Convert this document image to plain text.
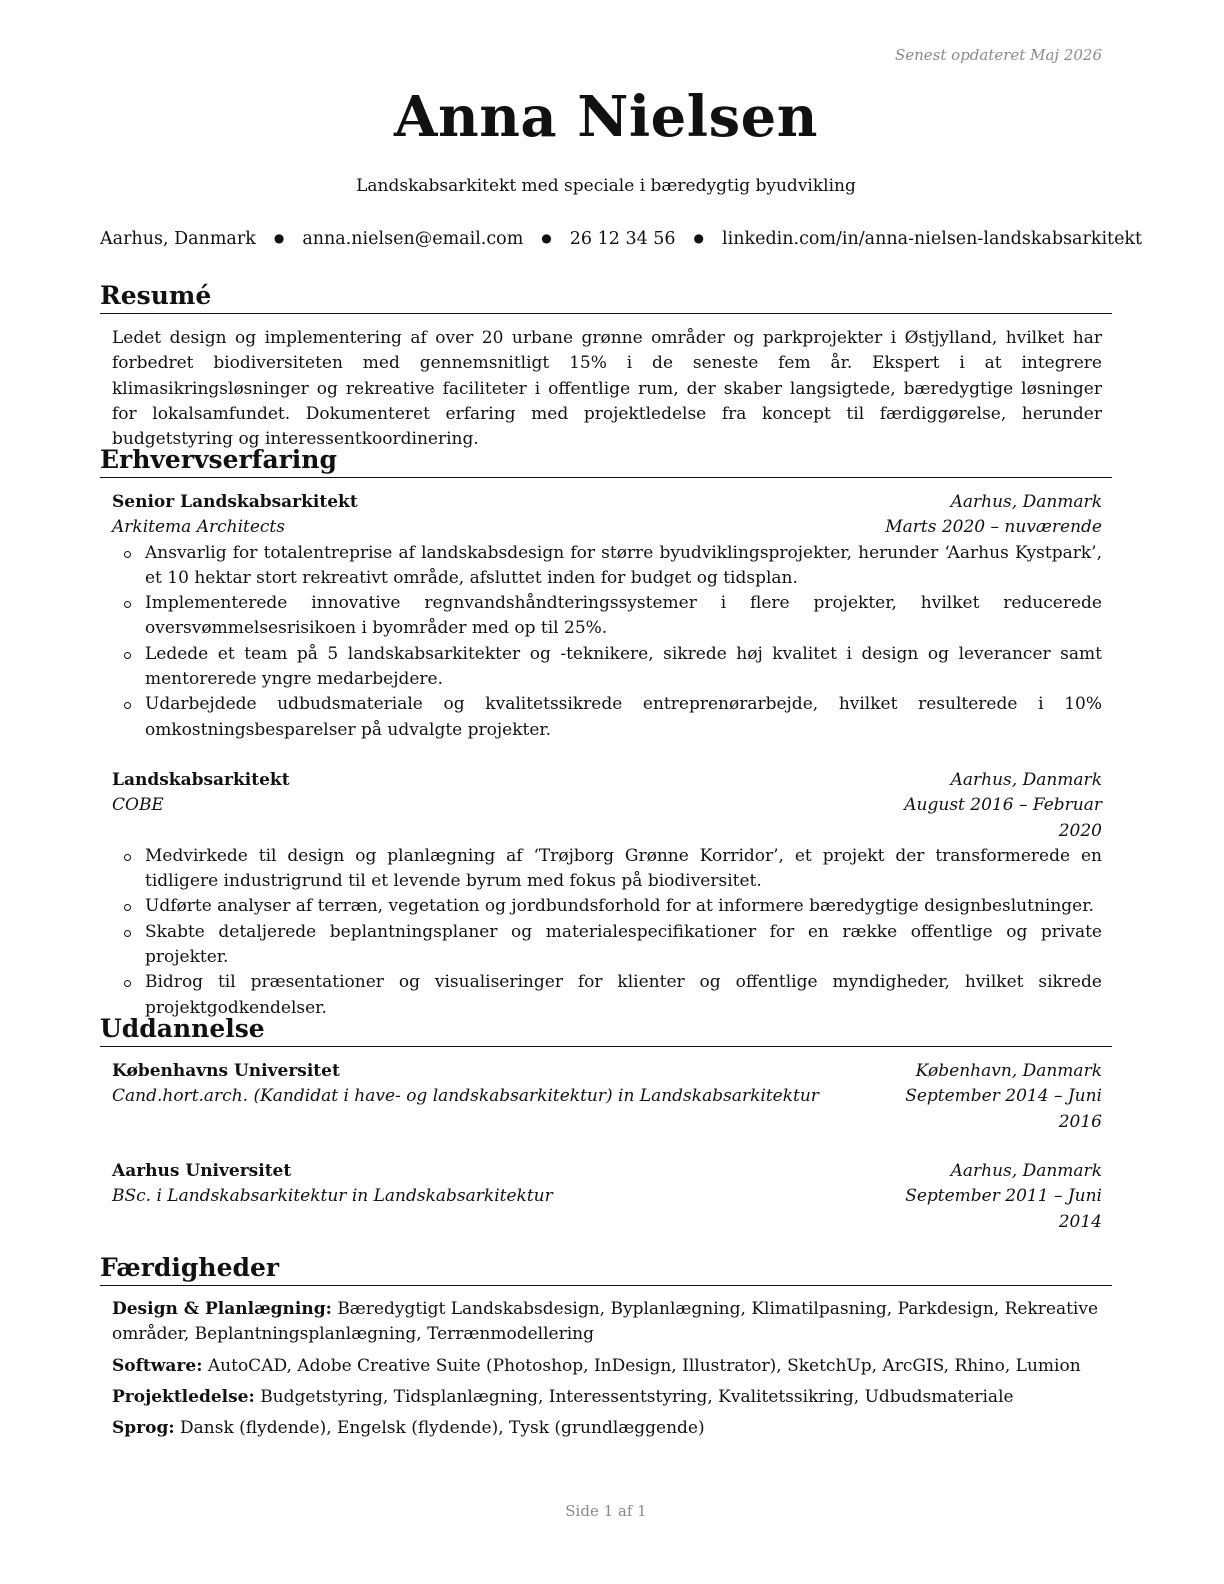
Senest opdateret Maj 2026
Anna Nielsen
Landskabsarkitekt med speciale i bæredygtig byudvikling
Aarhus, Danmark ● anna.nielsen@email.com ● 26 12 34 56 ● linkedin.com/in/anna-nielsen-landskabsarkitekt
Resumé
Ledet design og implementering af over 20 urbane grønne områder og parkprojekter i Østjylland, hvilket har forbedret biodiversiteten med gennemsnitligt 15% i de seneste fem år. Ekspert i at integrere klimasikringsløsninger og rekreative faciliteter i offentlige rum, der skaber langsigtede, bæredygtige løsninger for lokalsamfundet. Dokumenteret erfaring med projektledelse fra koncept til færdiggørelse, herunder budgetstyring og interessentkoordinering.
Erhvervserfaring
Senior Landskabsarkitekt	Aarhus, Danmark
Arkitema Architects	Marts 2020 – nuværende
Ansvarlig for totalentreprise af landskabsdesign for større byudviklingsprojekter, herunder ‘Aarhus Kystpark’, et 10 hektar stort rekreativt område, afsluttet inden for budget og tidsplan.
Implementerede innovative regnvandshåndteringssystemer i flere projekter, hvilket reducerede oversvømmelsesrisikoen i byområder med op til 25%.
Ledede et team på 5 landskabsarkitekter og -teknikere, sikrede høj kvalitet i design og leverancer samt mentorerede yngre medarbejdere.
Udarbejdede udbudsmateriale og kvalitetssikrede entreprenørarbejde, hvilket resulterede i 10% omkostningsbesparelser på udvalgte projekter.
Landskabsarkitekt	Aarhus, Danmark
COBE	August 2016 – Februar 2020
Medvirkede til design og planlægning af ‘Trøjborg Grønne Korridor’, et projekt der transformerede en tidligere industrigrund til et levende byrum med fokus på biodiversitet.
Udførte analyser af terræn, vegetation og jordbundsforhold for at informere bæredygtige designbeslutninger.
Skabte detaljerede beplantningsplaner og materialespecifikationer for en række offentlige og private projekter.
Bidrog til præsentationer og visualiseringer for klienter og offentlige myndigheder, hvilket sikrede projektgodkendelser.
Uddannelse
Københavns Universitet	København, Danmark
Cand.hort.arch. (Kandidat i have- og landskabsarkitektur) in Landskabsarkitektur	September 2014 – Juni 2016
Aarhus Universitet	Aarhus, Danmark
BSc. i Landskabsarkitektur in Landskabsarkitektur	September 2011 – Juni 2014
Færdigheder
Design & Planlægning: Bæredygtigt Landskabsdesign, Byplanlægning, Klimatilpasning, Parkdesign, Rekreative områder, Beplantningsplanlægning, Terrænmodellering
Software: AutoCAD, Adobe Creative Suite (Photoshop, InDesign, Illustrator), SketchUp, ArcGIS, Rhino, Lumion
Projektledelse: Budgetstyring, Tidsplanlægning, Interessentstyring, Kvalitetssikring, Udbudsmateriale
Sprog: Dansk (flydende), Engelsk (flydende), Tysk (grundlæggende)
Side 1 af 1
